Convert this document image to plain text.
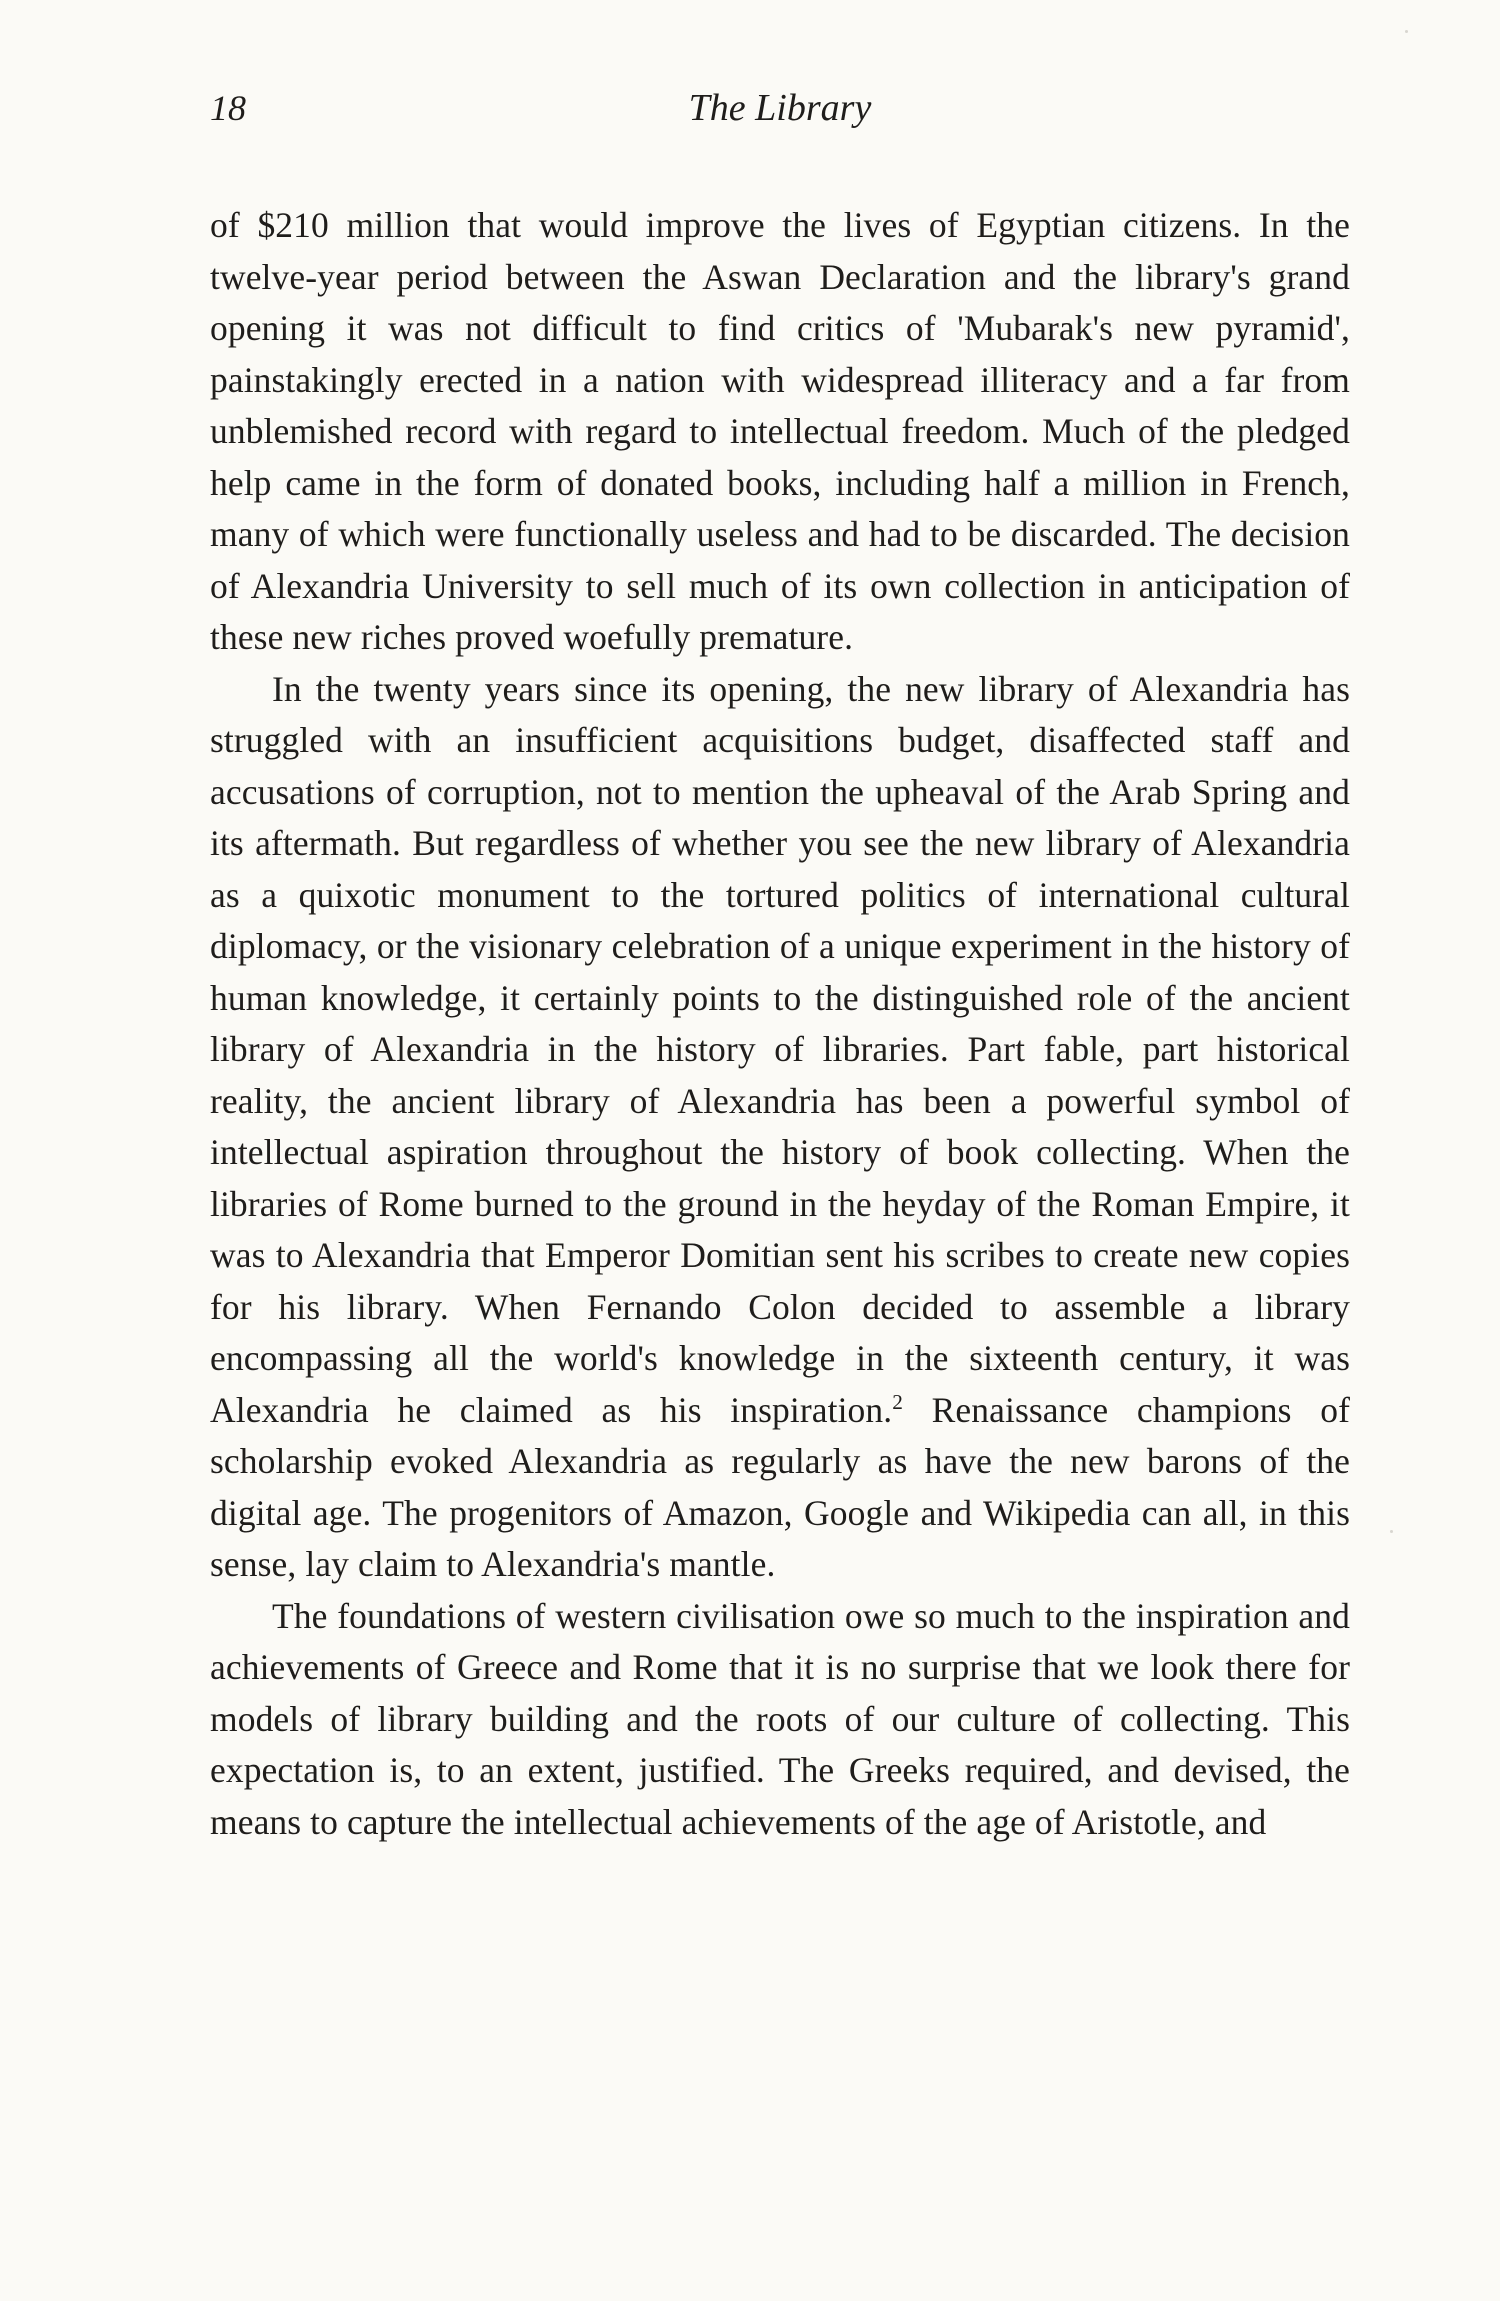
18	The Library

of $210 million that would improve the lives of Egyptian citizens. In the twelve-year period between the Aswan Declaration and the library's grand opening it was not difficult to find critics of 'Mubarak's new pyramid', painstakingly erected in a nation with widespread illiteracy and a far from unblemished record with regard to intellectual freedom. Much of the pledged help came in the form of donated books, including half a million in French, many of which were functionally useless and had to be discarded. The decision of Alexandria University to sell much of its own collection in anticipation of these new riches proved woefully premature.

In the twenty years since its opening, the new library of Alexandria has struggled with an insufficient acquisitions budget, disaffected staff and accusations of corruption, not to mention the upheaval of the Arab Spring and its aftermath. But regardless of whether you see the new library of Alexandria as a quixotic monument to the tortured politics of international cultural diplomacy, or the visionary celebration of a unique experiment in the history of human knowledge, it certainly points to the distinguished role of the ancient library of Alexandria in the history of libraries. Part fable, part historical reality, the ancient library of Alexandria has been a powerful symbol of intellectual aspiration throughout the history of book collecting. When the libraries of Rome burned to the ground in the heyday of the Roman Empire, it was to Alexandria that Emperor Domitian sent his scribes to create new copies for his library. When Fernando Colon decided to assemble a library encompassing all the world's knowledge in the sixteenth century, it was Alexandria he claimed as his inspiration.$^2$ Renaissance champions of scholarship evoked Alexandria as regularly as have the new barons of the digital age. The progenitors of Amazon, Google and Wikipedia can all, in this sense, lay claim to Alexandria's mantle.

The foundations of western civilisation owe so much to the inspiration and achievements of Greece and Rome that it is no surprise that we look there for models of library building and the roots of our culture of collecting. This expectation is, to an extent, justified. The Greeks required, and devised, the means to capture the intellectual achievements of the age of Aristotle, and
